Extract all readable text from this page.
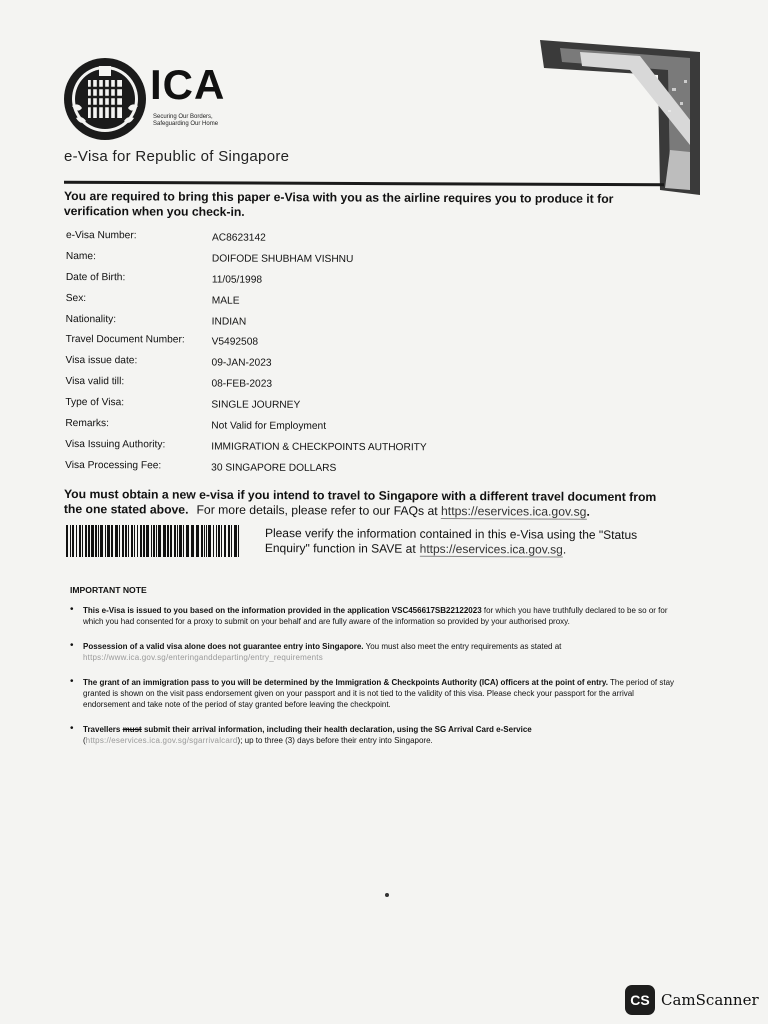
ICA
Securing Our Borders,
Safeguarding Our Home
e-Visa for Republic of Singapore
You are required to bring this paper e-Visa with you as the airline requires you to produce it for verification when you check-in.
e-Visa Number:	AC8623142
Name:	DOIFODE SHUBHAM VISHNU
Date of Birth:	11/05/1998
Sex:	MALE
Nationality:	INDIAN
Travel Document Number:	V5492508
Visa issue date:	09-JAN-2023
Visa valid till:	08-FEB-2023
Type of Visa:	SINGLE JOURNEY
Remarks:	Not Valid for Employment
Visa Issuing Authority:	IMMIGRATION & CHECKPOINTS AUTHORITY
Visa Processing Fee:	30 SINGAPORE DOLLARS
You must obtain a new e-visa if you intend to travel to Singapore with a different travel document from the one stated above. For more details, please refer to our FAQs at https://eservices.ica.gov.sg.
Please verify the information contained in this e-Visa using the "Status Enquiry" function in SAVE at https://eservices.ica.gov.sg.
IMPORTANT NOTE
• This e-Visa is issued to you based on the information provided in the application VSC456617SB22122023 for which you have truthfully declared to be so or for which you had consented for a proxy to submit on your behalf and are fully aware of the information so provided by your authorised proxy.
• Possession of a valid visa alone does not guarantee entry into Singapore. You must also meet the entry requirements as stated at
https://www.ica.gov.sg/enteringanddeparting/entry_requirements
• The grant of an immigration pass to you will be determined by the Immigration & Checkpoints Authority (ICA) officers at the point of entry. The period of stay granted is shown on the visit pass endorsement given on your passport and it is not tied to the validity of this visa. Please check your passport for the arrival endorsement and take note of the period of stay granted before leaving the checkpoint.
• Travellers must submit their arrival information, including their health declaration, using the SG Arrival Card e-Service (https://eservices.ica.gov.sg/sgarrivalcard); up to three (3) days before their entry into Singapore.
CS CamScanner
